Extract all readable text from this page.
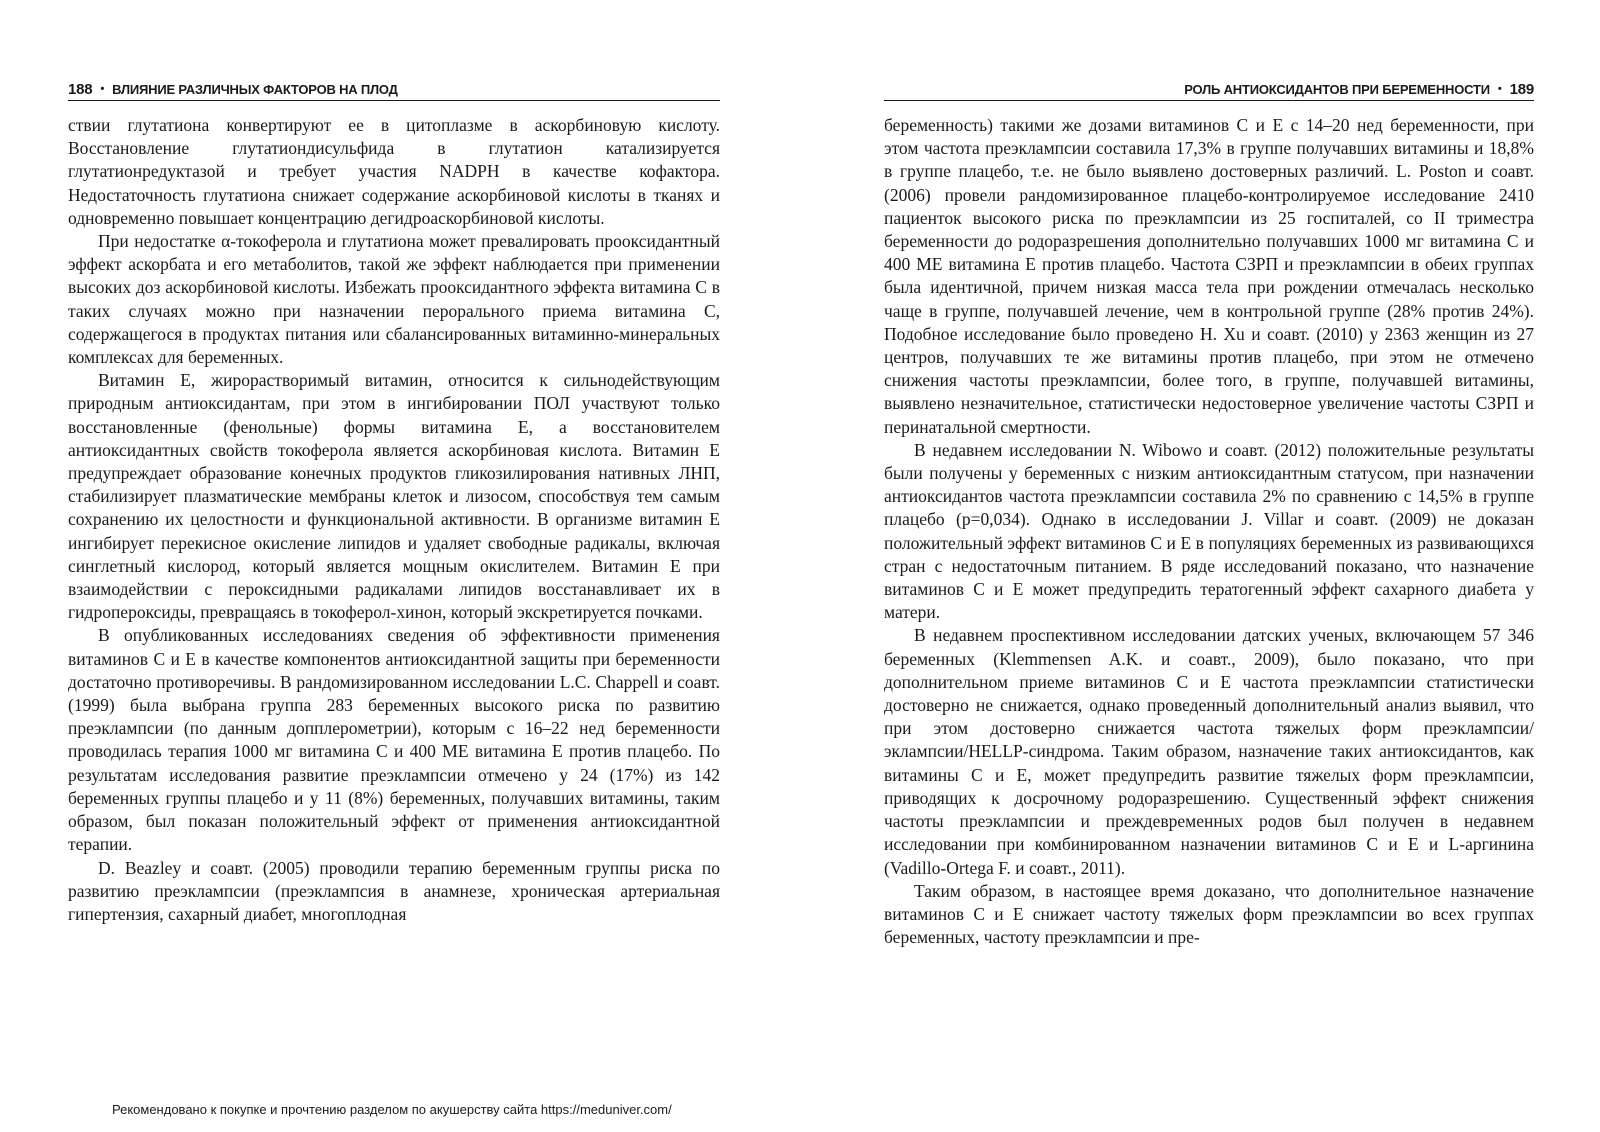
188 • ВЛИЯНИЕ РАЗЛИЧНЫХ ФАКТОРОВ НА ПЛОД

ствии глутатиона конвертируют ее в цитоплазме в аскорбиновую кислоту. Восстановление глутатиондисульфида в глутатион катализируется глутатионредуктазой и требует участия NADPH в качестве кофактора. Недостаточность глутатиона снижает содержание аскорбиновой кислоты в тканях и одновременно повышает концентрацию дегидроаскорбиновой кислоты.

При недостатке α-токоферола и глутатиона может превалировать прооксидантный эффект аскорбата и его метаболитов, такой же эффект наблюдается при применении высоких доз аскорбиновой кислоты. Избежать прооксидантного эффекта витамина С в таких случаях можно при назначении перорального приема витамина С, содержащегося в продуктах питания или сбалансированных витаминно-минеральных комплексах для беременных.

Витамин Е, жирорастворимый витамин, относится к сильнодействующим природным антиоксидантам, при этом в ингибировании ПОЛ участвуют только восстановленные (фенольные) формы витамина Е, а восстановителем антиоксидантных свойств токоферола является аскорбиновая кислота. Витамин Е предупреждает образование конечных продуктов гликозилирования нативных ЛНП, стабилизирует плазматические мембраны клеток и лизосом, способствуя тем самым сохранению их целостности и функциональной активности. В организме витамин Е ингибирует перекисное окисление липидов и удаляет свободные радикалы, включая синглетный кислород, который является мощным окислителем. Витамин Е при взаимодействии с пероксидными радикалами липидов восстанавливает их в гидропероксиды, превращаясь в токоферол-хинон, который экскретируется почками.

В опубликованных исследованиях сведения об эффективности применения витаминов С и Е в качестве компонентов антиоксидантной защиты при беременности достаточно противоречивы. В рандомизированном исследовании L.C. Chappell и соавт. (1999) была выбрана группа 283 беременных высокого риска по развитию преэклампсии (по данным допплерометрии), которым с 16–22 нед беременности проводилась терапия 1000 мг витамина С и 400 МЕ витамина Е против плацебо. По результатам исследования развитие преэклампсии отмечено у 24 (17%) из 142 беременных группы плацебо и у 11 (8%) беременных, получавших витамины, таким образом, был показан положительный эффект от применения антиоксидантной терапии.

D. Beazley и соавт. (2005) проводили терапию беременным группы риска по развитию преэклампсии (преэклампсия в анамнезе, хроническая артериальная гипертензия, сахарный диабет, многоплодная

РОЛЬ АНТИОКСИДАНТОВ ПРИ БЕРЕМЕННОСТИ • 189

беременность) такими же дозами витаминов С и Е с 14–20 нед беременности, при этом частота преэклампсии составила 17,3% в группе получавших витамины и 18,8% в группе плацебо, т.е. не было выявлено достоверных различий. L. Poston и соавт. (2006) провели рандомизированное плацебо-контролируемое исследование 2410 пациенток высокого риска по преэклампсии из 25 госпиталей, со II триместра беременности до родоразрешения дополнительно получавших 1000 мг витамина С и 400 МЕ витамина Е против плацебо. Частота СЗРП и преэклампсии в обеих группах была идентичной, причем низкая масса тела при рождении отмечалась несколько чаще в группе, получавшей лечение, чем в контрольной группе (28% против 24%). Подобное исследование было проведено H. Xu и соавт. (2010) у 2363 женщин из 27 центров, получавших те же витамины против плацебо, при этом не отмечено снижения частоты преэклампсии, более того, в группе, получавшей витамины, выявлено незначительное, статистически недостоверное увеличение частоты СЗРП и перинатальной смертности.

В недавнем исследовании N. Wibowo и соавт. (2012) положительные результаты были получены у беременных с низким антиоксидантным статусом, при назначении антиоксидантов частота преэклампсии составила 2% по сравнению с 14,5% в группе плацебо (p=0,034). Однако в исследовании J. Villar и соавт. (2009) не доказан положительный эффект витаминов С и Е в популяциях беременных из развивающихся стран с недостаточным питанием. В ряде исследований показано, что назначение витаминов С и Е может предупредить тератогенный эффект сахарного диабета у матери.

В недавнем проспективном исследовании датских ученых, включающем 57 346 беременных (Klemmensen A.K. и соавт., 2009), было показано, что при дополнительном приеме витаминов С и Е частота преэклампсии статистически достоверно не снижается, однако проведенный дополнительный анализ выявил, что при этом достоверно снижается частота тяжелых форм преэклампсии/эклампсии/HELLP-синдрома. Таким образом, назначение таких антиоксидантов, как витамины С и Е, может предупредить развитие тяжелых форм преэклампсии, приводящих к досрочному родоразрешению. Существенный эффект снижения частоты преэклампсии и преждевременных родов был получен в недавнем исследовании при комбинированном назначении витаминов С и Е и L-аргинина (Vadillo-Ortega F. и соавт., 2011).

Таким образом, в настоящее время доказано, что дополнительное назначение витаминов С и Е снижает частоту тяжелых форм преэклампсии во всех группах беременных, частоту преэклампсии и пре-

Рекомендовано к покупке и прочтению разделом по акушерству сайта https://meduniver.com/
